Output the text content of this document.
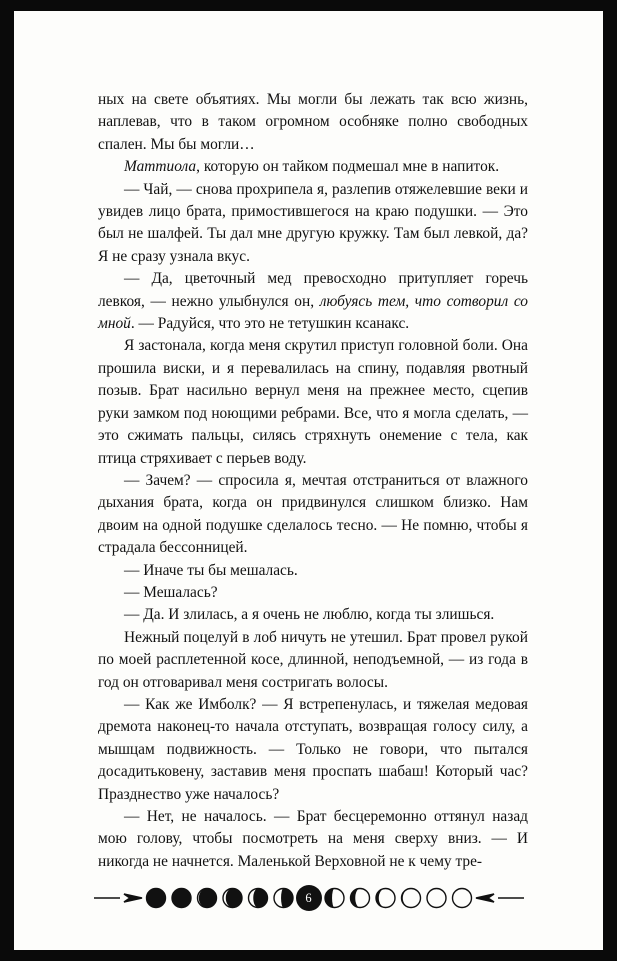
ных на свете объятиях. Мы могли бы лежать так всю жизнь, наплевав, что в таком огромном особняке полно свободных спален. Мы бы могли…

Маттиола, которую он тайком подмешал мне в напиток.

— Чай, — снова прохрипела я, разлепив отяжелевшие веки и увидев лицо брата, примостившегося на краю подушки. — Это был не шалфей. Ты дал мне другую кружку. Там был левкой, да? Я не сразу узнала вкус.

— Да, цветочный мед превосходно притупляет горечь левкоя, — нежно улыбнулся он, любуясь тем, что сотворил со мной. — Радуйся, что это не тетушкин ксанакс.

Я застонала, когда меня скрутил приступ головной боли. Она прошила виски, и я перевалилась на спину, подавляя рвотный позыв. Брат насильно вернул меня на прежнее место, сцепив руки замком под ноющими ребрами. Все, что я могла сделать, — это сжимать пальцы, силясь стряхнуть онемение с тела, как птица стряхивает с перьев воду.

— Зачем? — спросила я, мечтая отстраниться от влажного дыхания брата, когда он придвинулся слишком близко. Нам двоим на одной подушке сделалось тесно. — Не помню, чтобы я страдала бессонницей.

— Иначе ты бы мешалась.

— Мешалась?

— Да. И злилась, а я очень не люблю, когда ты злишься.

Нежный поцелуй в лоб ничуть не утешил. Брат провел рукой по моей расплетенной косе, длинной, неподъемной, — из года в год он отговаривал меня состригать волосы.

— Как же Имболк? — Я встрепенулась, и тяжелая медовая дремота наконец-то начала отступать, возвращая голосу силу, а мышцам подвижность. — Только не говори, что пытался досадитьковену, заставив меня проспать шабаш! Который час? Празднество уже началось?

— Нет, не началось. — Брат бесцеремонно оттянул назад мою голову, чтобы посмотреть на меня сверху вниз. — И никогда не начнется. Маленькой Верховной не к чему тре-

6
